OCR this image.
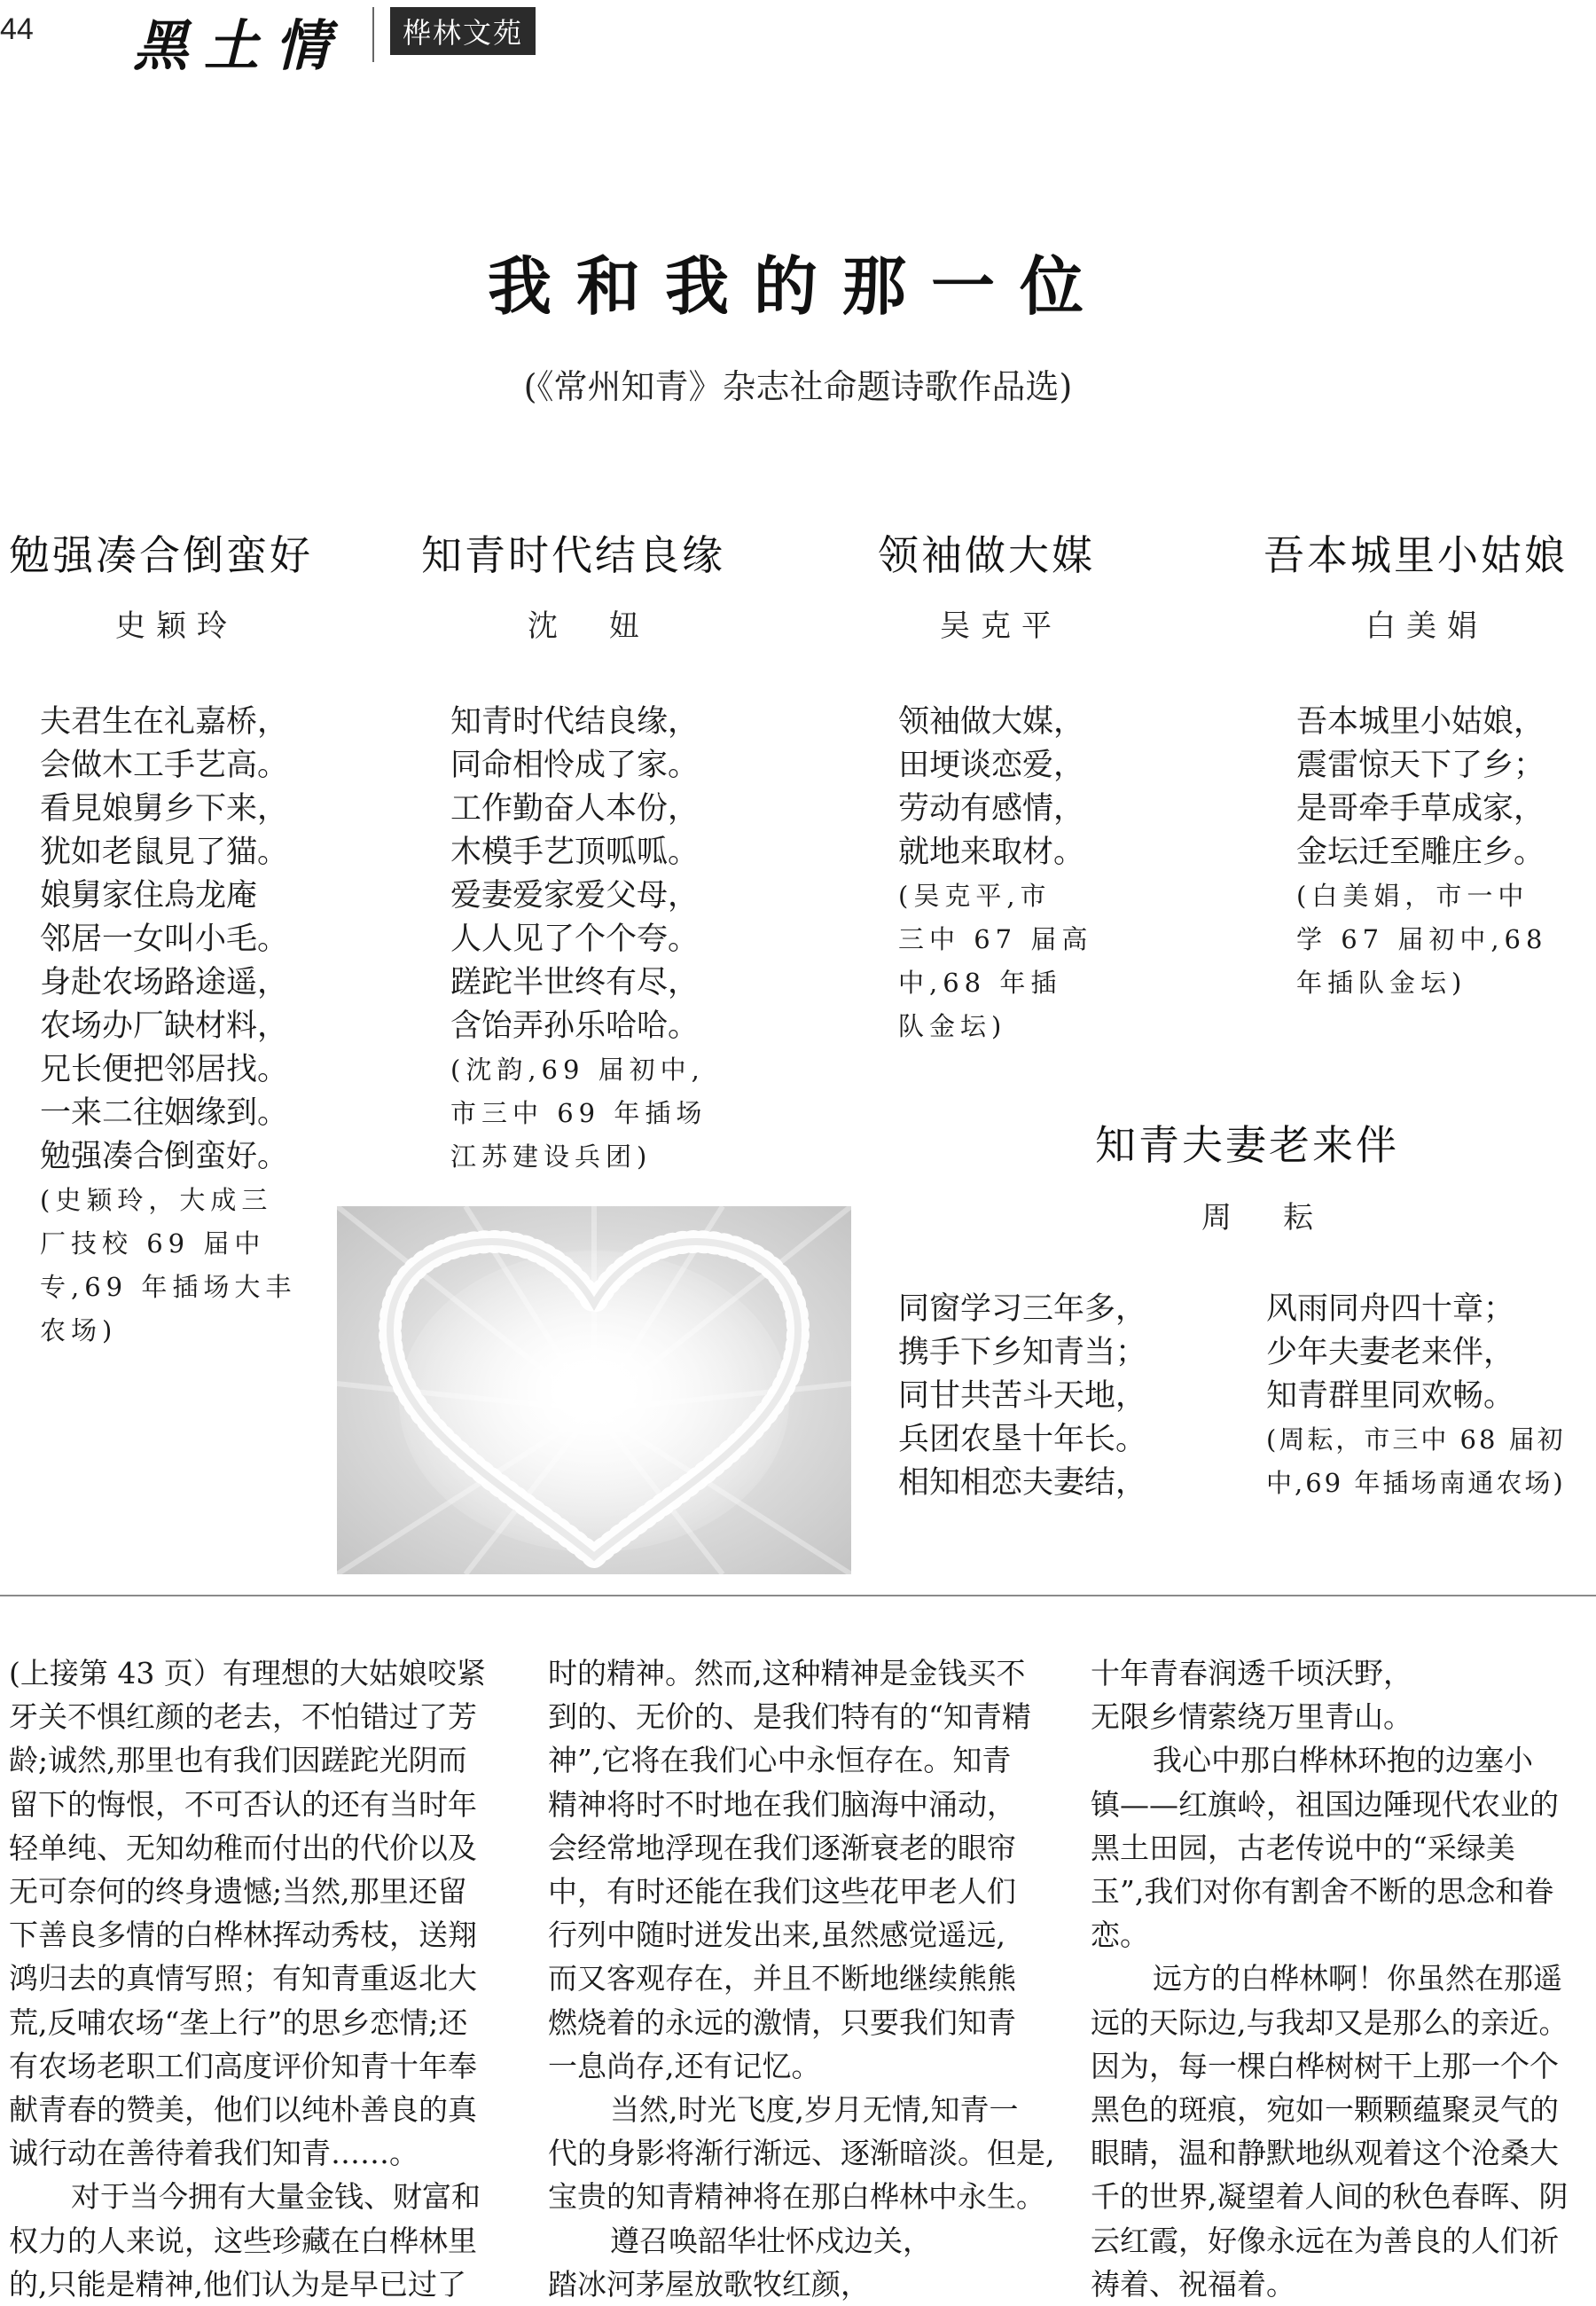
44 黑土情	桦林文苑
我和我的那一位
(《常州知青》杂志社命题诗歌作品选)
勉强凑合倒蛮好
史颖玲
夫君生在礼嘉桥，
会做木工手艺高。
看見娘舅乡下来，
犹如老鼠見了猫。
娘舅家住烏龙庵
邻居一女叫小毛。
身赴农场路途遥，
农场办厂缺材料，
兄长便把邻居找。
一来二往姻缘到。
勉强凑合倒蛮好。
(史颖玲，大成三
厂技校 69 届中
专,69 年插场大丰
农场)
知青时代结良缘
沈　妞
知青时代结良缘，
同命相怜成了家。
工作勤奋人本份，
木模手艺顶呱呱。
爱妻爱家爱父母，
人人见了个个夸。
蹉跎半世终有尽，
含饴弄孙乐哈哈。
(沈韵,69 届初中,
市三中 69 年插场
江苏建设兵团)
领袖做大媒
吴克平
领袖做大媒，
田埂谈恋爱，
劳动有感情，
就地来取材。
(吴克平,市
三中 67 届高
中,68 年插
队金坛)
吾本城里小姑娘
白美娟
吾本城里小姑娘，
震雷惊天下了乡；
是哥牵手草成家，
金坛迁至雕庄乡。
(白美娟，市一中
学 67 届初中,68
年插队金坛)
知青夫妻老来伴
周　耘
同窗学习三年多，
携手下乡知青当；
同甘共苦斗天地，
兵团农垦十年长。
相知相恋夫妻结，
风雨同舟四十章；
少年夫妻老来伴，
知青群里同欢畅。
(周耘，市三中 68 届初
中,69 年插场南通农场)
(上接第 43 页）有理想的大姑娘咬紧
牙关不惧红颜的老去，不怕错过了芳
龄;诚然,那里也有我们因蹉跎光阴而
留下的悔恨，不可否认的还有当时年
轻单纯、无知幼稚而付出的代价以及
无可奈何的终身遗憾;当然,那里还留
下善良多情的白桦林挥动秀枝，送翔
鸿归去的真情写照；有知青重返北大
荒,反哺农场“垄上行”的思乡恋情;还
有农场老职工们高度评价知青十年奉
献青春的赞美，他们以纯朴善良的真
诚行动在善待着我们知青……。
对于当今拥有大量金钱、财富和
权力的人来说，这些珍藏在白桦林里
的,只能是精神,他们认为是早已过了
时的精神。然而,这种精神是金钱买不
到的、无价的、是我们特有的“知青精
神”,它将在我们心中永恒存在。知青
精神将时不时地在我们脑海中涌动，
会经常地浮现在我们逐渐衰老的眼帘
中，有时还能在我们这些花甲老人们
行列中随时迸发出来,虽然感觉遥远,
而又客观存在，并且不断地继续熊熊
燃烧着的永远的激情，只要我们知青
一息尚存,还有记忆。
当然,时光飞度,岁月无情,知青一
代的身影将渐行渐远、逐渐暗淡。但是,
宝贵的知青精神将在那白桦林中永生。
遵召唤韶华壮怀戍边关，
踏冰河茅屋放歌牧红颜，
十年青春润透千顷沃野，
无限乡情萦绕万里青山。
我心中那白桦林环抱的边塞小
镇——红旗岭，祖国边陲现代农业的
黑土田园，古老传说中的“采绿美
玉”,我们对你有割舍不断的思念和眷
恋。
远方的白桦林啊！你虽然在那遥
远的天际边,与我却又是那么的亲近。
因为，每一棵白桦树树干上那一个个
黑色的斑痕，宛如一颗颗蕴聚灵气的
眼睛，温和静默地纵观着这个沧桑大
千的世界,凝望着人间的秋色春晖、阴
云红霞，好像永远在为善良的人们祈
祷着、祝福着。
